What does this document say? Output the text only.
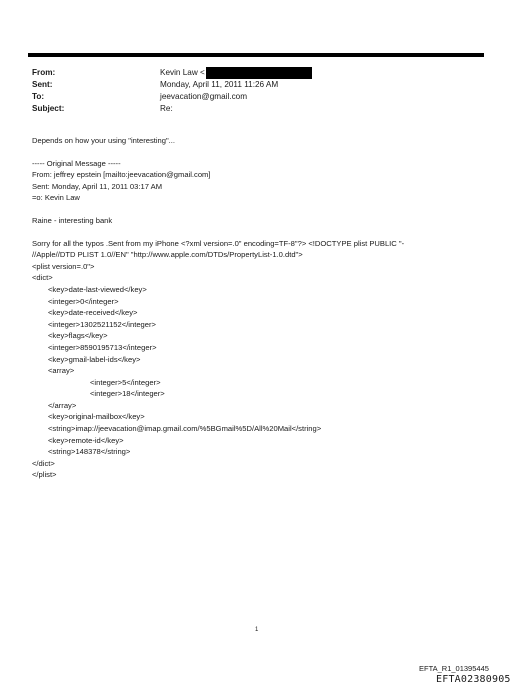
From:	Kevin Law <
Sent:	Monday, April 11, 2011 11:26 AM
To:	jeevacation@gmail.com
Subject:	Re:
Depends on how your using "interesting"...
----- Original Message -----
From: jeffrey epstein [mailto:jeevacation@gmail.com]
Sent: Monday, April 11, 2011 03:17 AM
=o: Kevin Law
Raine - interesting bank
Sorry for all the typos .Sent from my iPhone <?xml version=.0" encoding=TF-8"?> <!DOCTYPE plist PUBLIC "-
//Apple//DTD PLIST 1.0//EN" "http://www.apple.com/DTDs/PropertyList-1.0.dtd">
<plist version=.0">
<dict>
<key>date-last-viewed</key>
<integer>0</integer>
<key>date-received</key>
<integer>1302521152</integer>
<key>flags</key>
<integer>8590195713</integer>
<key>gmail-label-ids</key>
<array>
<integer>5</integer>
<integer>18</integer>
</array>
<key>original-mailbox</key>
<string>imap://jeevacation@imap.gmail.com/%5BGmail%5D/All%20Mail</string>
<key>remote-id</key>
<string>148378</string>
</dict>
</plist>
1
EFTA_R1_01395445
EFTA02380905
